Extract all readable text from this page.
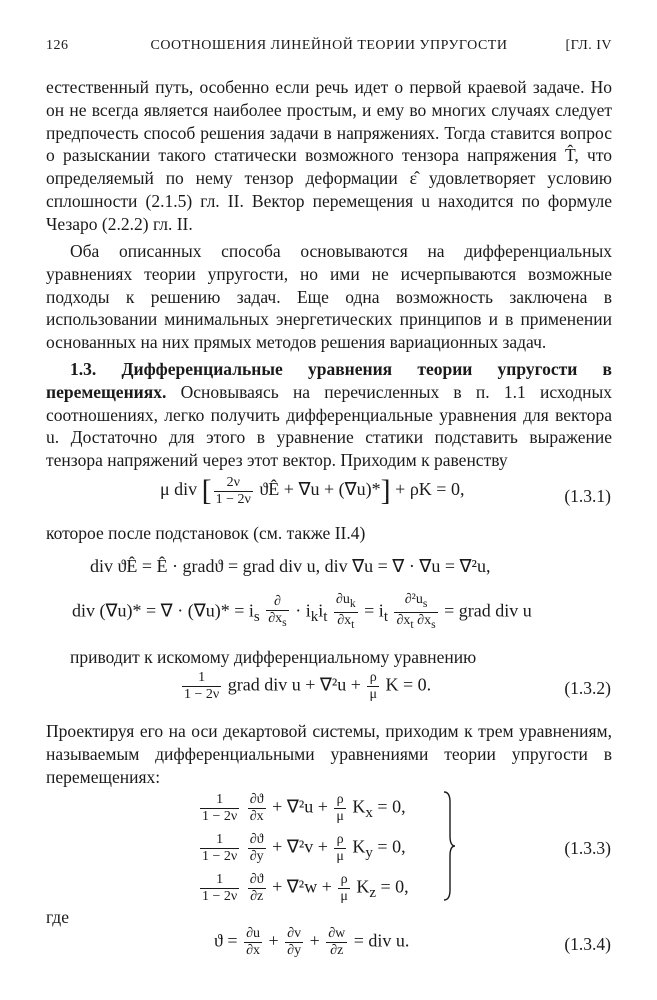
126	СООТНОШЕНИЯ ЛИНЕЙНОЙ ТЕОРИИ УПРУГОСТИ	[ГЛ. IV
естественный путь, особенно если речь идет о первой краевой задаче. Но он не всегда является наиболее простым, и ему во многих случаях следует предпочесть способ решения задачи в напряжениях. Тогда ставится вопрос о разыскании такого статически возможного тензора напряжения T̂, что определяемый по нему тензор деформации ε̂ удовлетворяет условию сплошности (2.1.5) гл. II. Вектор перемещения u находится по формуле Чезаро (2.2.2) гл. II.
Оба описанных способа основываются на дифференциальных уравнениях теории упругости, но ими не исчерпываются возможные подходы к решению задач. Еще одна возможность заключена в использовании минимальных энергетических принципов и в применении основанных на них прямых методов решения вариационных задач.
1.3. Дифференциальные уравнения теории упругости в перемещениях. Основываясь на перечисленных в п. 1.1 исходных соотношениях, легко получить дифференциальные уравнения для вектора u. Достаточно для этого в уравнение статики подставить выражение тензора напряжений через этот вектор. Приходим к равенству
μ div [ $\frac{2\nu}{1 - 2\nu}$ ϑÊ + ∇u + (∇u)*] + ρK = 0,	(1.3.1)
которое после подстановок (см. также II.4)
div ϑÊ = Ê · gradϑ = grad div u, div ∇u = ∇ · ∇u = ∇²u,
div (∇u)* = ∇ · $(\nabla u)* = i_s \frac{\partial}{\partial x_s} \cdot i_ki_t \frac{\partial u_k}{\partial x_t} = i_t \frac{\partial^2u_s}{\partial x_t \partial x_s}$ = grad div u
приводит к искомому дифференциальному уравнению
$\frac{1}{1 - 2\nu}$ grad div $u + \nabla^2u + \frac{\rho}{\mu}$ K = 0.	(1.3.2)
Проектируя его на оси декартовой системы, приходим к трем уравнениям, называемым дифференциальными уравнениями теории упругости в перемещениях:
$\frac{1}{1 - 2\nu}$
$\frac{\partial ϑ}{\partial x} + \nabla^2u + \frac{\rho}{\mu} K_x = 0$,
$\frac{1}{1 - 2\nu}$
$\frac{\partial ϑ}{\partial y} + \nabla^2v + \frac{\rho}{\mu} K_y = 0$,
$\frac{1}{1 - 2\nu}$
$\frac{\partial ϑ}{\partial z} + \nabla^2w + \frac{\rho}{\mu} K_z = 0$,
(1.3.3)
где
$ϑ = \frac{\partial u}{\partial x} + \frac{\partial v}{\partial y} + \frac{\partial w}{\partial z}$ = div u.	(1.3.4)
